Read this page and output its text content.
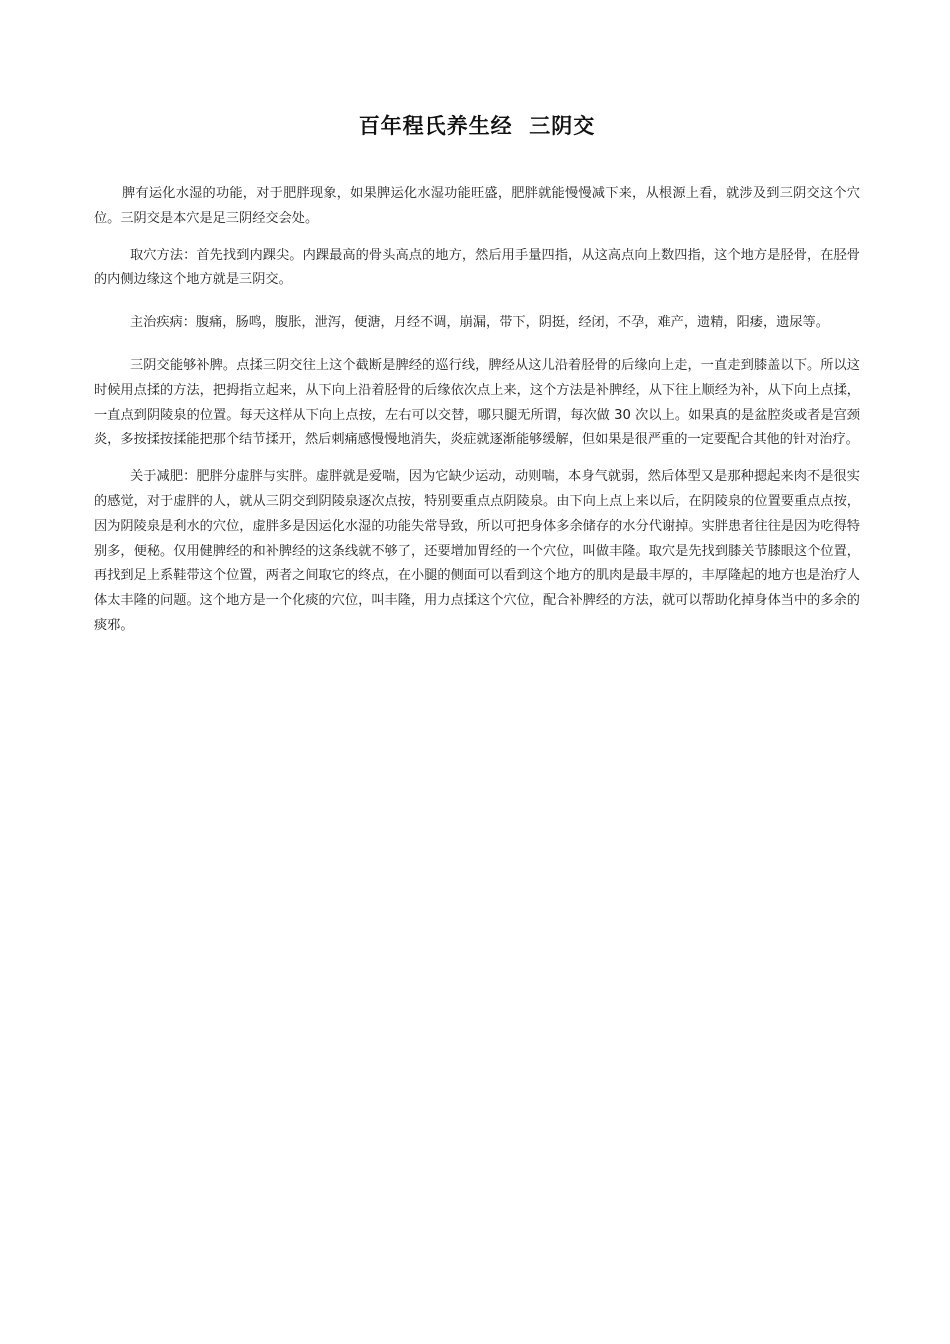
百年程氏养生经  三阴交

脾有运化水湿的功能，对于肥胖现象，如果脾运化水湿功能旺盛，肥胖就能慢慢减下来，从根源上看，就涉及到三阴交这个穴位。三阴交是本穴是足三阴经交会处。

取穴方法：首先找到内踝尖。内踝最高的骨头高点的地方，然后用手量四指，从这高点向上数四指，这个地方是胫骨，在胫骨的内侧边缘这个地方就是三阴交。

主治疾病：腹痛，肠鸣，腹胀，泄泻，便溏，月经不调，崩漏，带下，阴挺，经闭，不孕，难产，遗精，阳痿，遗尿等。

三阴交能够补脾。点揉三阴交往上这个截断是脾经的巡行线，脾经从这儿沿着胫骨的后缘向上走，一直走到膝盖以下。所以这时候用点揉的方法，把拇指立起来，从下向上沿着胫骨的后缘依次点上来，这个方法是补脾经，从下往上顺经为补，从下向上点揉，一直点到阴陵泉的位置。每天这样从下向上点按，左右可以交替，哪只腿无所谓，每次做 30 次以上。如果真的是盆腔炎或者是宫颈炎，多按揉按揉能把那个结节揉开，然后刺痛感慢慢地消失，炎症就逐渐能够缓解，但如果是很严重的一定要配合其他的针对治疗。

关于减肥：肥胖分虚胖与实胖。虚胖就是爱喘，因为它缺少运动，动则喘，本身气就弱，然后体型又是那种摁起来肉不是很实的感觉，对于虚胖的人，就从三阴交到阴陵泉逐次点按，特别要重点点阴陵泉。由下向上点上来以后，在阴陵泉的位置要重点点按，因为阴陵泉是利水的穴位，虚胖多是因运化水湿的功能失常导致，所以可把身体多余储存的水分代谢掉。实胖患者往往是因为吃得特别多，便秘。仅用健脾经的和补脾经的这条线就不够了，还要增加胃经的一个穴位，叫做丰隆。取穴是先找到膝关节膝眼这个位置，再找到足上系鞋带这个位置，两者之间取它的终点，在小腿的侧面可以看到这个地方的肌肉是最丰厚的，丰厚隆起的地方也是治疗人体太丰隆的问题。这个地方是一个化痰的穴位，叫丰隆，用力点揉这个穴位，配合补脾经的方法，就可以帮助化掉身体当中的多余的痰邪。
